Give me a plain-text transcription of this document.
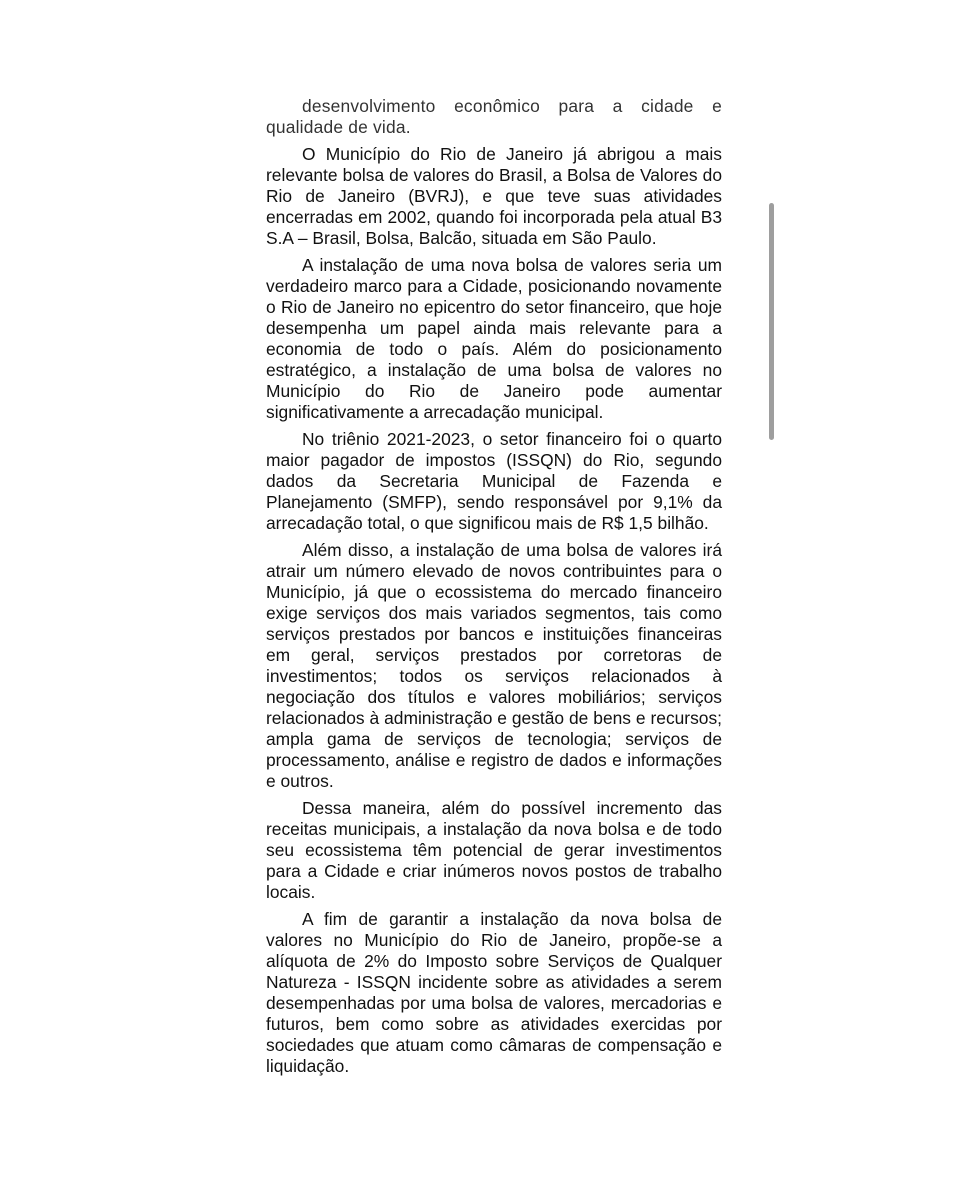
desenvolvimento econômico para a cidade e qualidade de vida.

O Município do Rio de Janeiro já abrigou a mais relevante bolsa de valores do Brasil, a Bolsa de Valores do Rio de Janeiro (BVRJ), e que teve suas atividades encerradas em 2002, quando foi incorporada pela atual B3 S.A – Brasil, Bolsa, Balcão, situada em São Paulo.

A instalação de uma nova bolsa de valores seria um verdadeiro marco para a Cidade, posicionando novamente o Rio de Janeiro no epicentro do setor financeiro, que hoje desempenha um papel ainda mais relevante para a economia de todo o país. Além do posicionamento estratégico, a instalação de uma bolsa de valores no Município do Rio de Janeiro pode aumentar significativamente a arrecadação municipal.

No triênio 2021-2023, o setor financeiro foi o quarto maior pagador de impostos (ISSQN) do Rio, segundo dados da Secretaria Municipal de Fazenda e Planejamento (SMFP), sendo responsável por 9,1% da arrecadação total, o que significou mais de R$ 1,5 bilhão.

Além disso, a instalação de uma bolsa de valores irá atrair um número elevado de novos contribuintes para o Município, já que o ecossistema do mercado financeiro exige serviços dos mais variados segmentos, tais como serviços prestados por bancos e instituições financeiras em geral, serviços prestados por corretoras de investimentos; todos os serviços relacionados à negociação dos títulos e valores mobiliários; serviços relacionados à administração e gestão de bens e recursos; ampla gama de serviços de tecnologia; serviços de processamento, análise e registro de dados e informações e outros.

Dessa maneira, além do possível incremento das receitas municipais, a instalação da nova bolsa e de todo seu ecossistema têm potencial de gerar investimentos para a Cidade e criar inúmeros novos postos de trabalho locais.

A fim de garantir a instalação da nova bolsa de valores no Município do Rio de Janeiro, propõe-se a alíquota de 2% do Imposto sobre Serviços de Qualquer Natureza - ISSQN incidente sobre as atividades a serem desempenhadas por uma bolsa de valores, mercadorias e futuros, bem como sobre as atividades exercidas por sociedades que atuam como câmaras de compensação e liquidação.
